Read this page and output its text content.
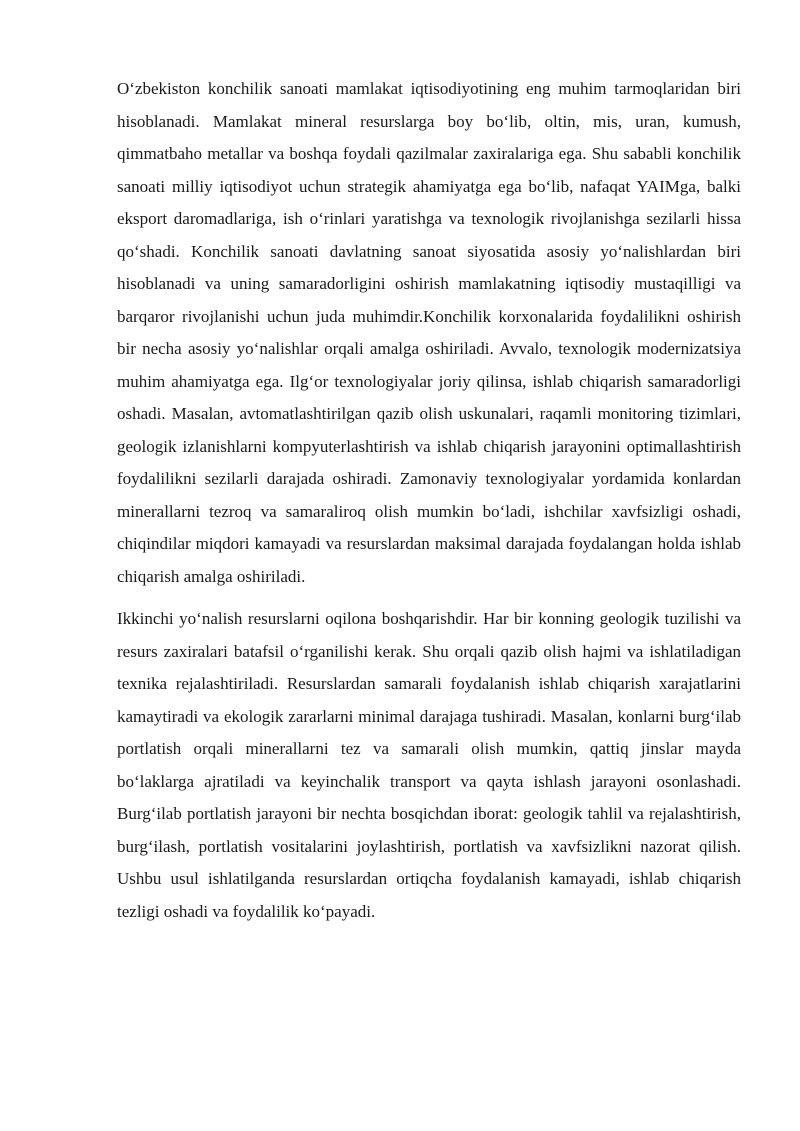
O‘zbekiston konchilik sanoati mamlakat iqtisodiyotining eng muhim tarmoqlaridan biri hisoblanadi. Mamlakat mineral resurslarga boy bo‘lib, oltin, mis, uran, kumush, qimmatbaho metallar va boshqa foydali qazilmalar zaxiralariga ega. Shu sababli konchilik sanoati milliy iqtisodiyot uchun strategik ahamiyatga ega bo‘lib, nafaqat YAIMga, balki eksport daromadlariga, ish o‘rinlari yaratishga va texnologik rivojlanishga sezilarli hissa qo‘shadi. Konchilik sanoati davlatning sanoat siyosatida asosiy yo‘nalishlardan biri hisoblanadi va uning samaradorligini oshirish mamlakatning iqtisodiy mustaqilligi va barqaror rivojlanishi uchun juda muhimdir.Konchilik korxonalarida foydalilikni oshirish bir necha asosiy yo‘nalishlar orqali amalga oshiriladi. Avvalo, texnologik modernizatsiya muhim ahamiyatga ega. Ilg‘or texnologiyalar joriy qilinsa, ishlab chiqarish samaradorligi oshadi. Masalan, avtomatlashtirilgan qazib olish uskunalari, raqamli monitoring tizimlari, geologik izlanishlarni kompyuterlashtirish va ishlab chiqarish jarayonini optimallashtirish foydalilikni sezilarli darajada oshiradi. Zamonaviy texnologiyalar yordamida konlardan minerallarni tezroq va samaraliroq olish mumkin bo‘ladi, ishchilar xavfsizligi oshadi, chiqindilar miqdori kamayadi va resurslardan maksimal darajada foydalangan holda ishlab chiqarish amalga oshiriladi.

Ikkinchi yo‘nalish resurslarni oqilona boshqarishdir. Har bir konning geologik tuzilishi va resurs zaxiralari batafsil o‘rganilishi kerak. Shu orqali qazib olish hajmi va ishlatiladigan texnika rejalashtiriladi. Resurslardan samarali foydalanish ishlab chiqarish xarajatlarini kamaytiradi va ekologik zararlarni minimal darajaga tushiradi. Masalan, konlarni burg‘ilab portlatish orqali minerallarni tez va samarali olish mumkin, qattiq jinslar mayda bo‘laklarga ajratiladi va keyinchalik transport va qayta ishlash jarayoni osonlashadi. Burg‘ilab portlatish jarayoni bir nechta bosqichdan iborat: geologik tahlil va rejalashtirish, burg‘ilash, portlatish vositalarini joylashtirish, portlatish va xavfsizlikni nazorat qilish. Ushbu usul ishlatilganda resurslardan ortiqcha foydalanish kamayadi, ishlab chiqarish tezligi oshadi va foydalilik ko‘payadi.
